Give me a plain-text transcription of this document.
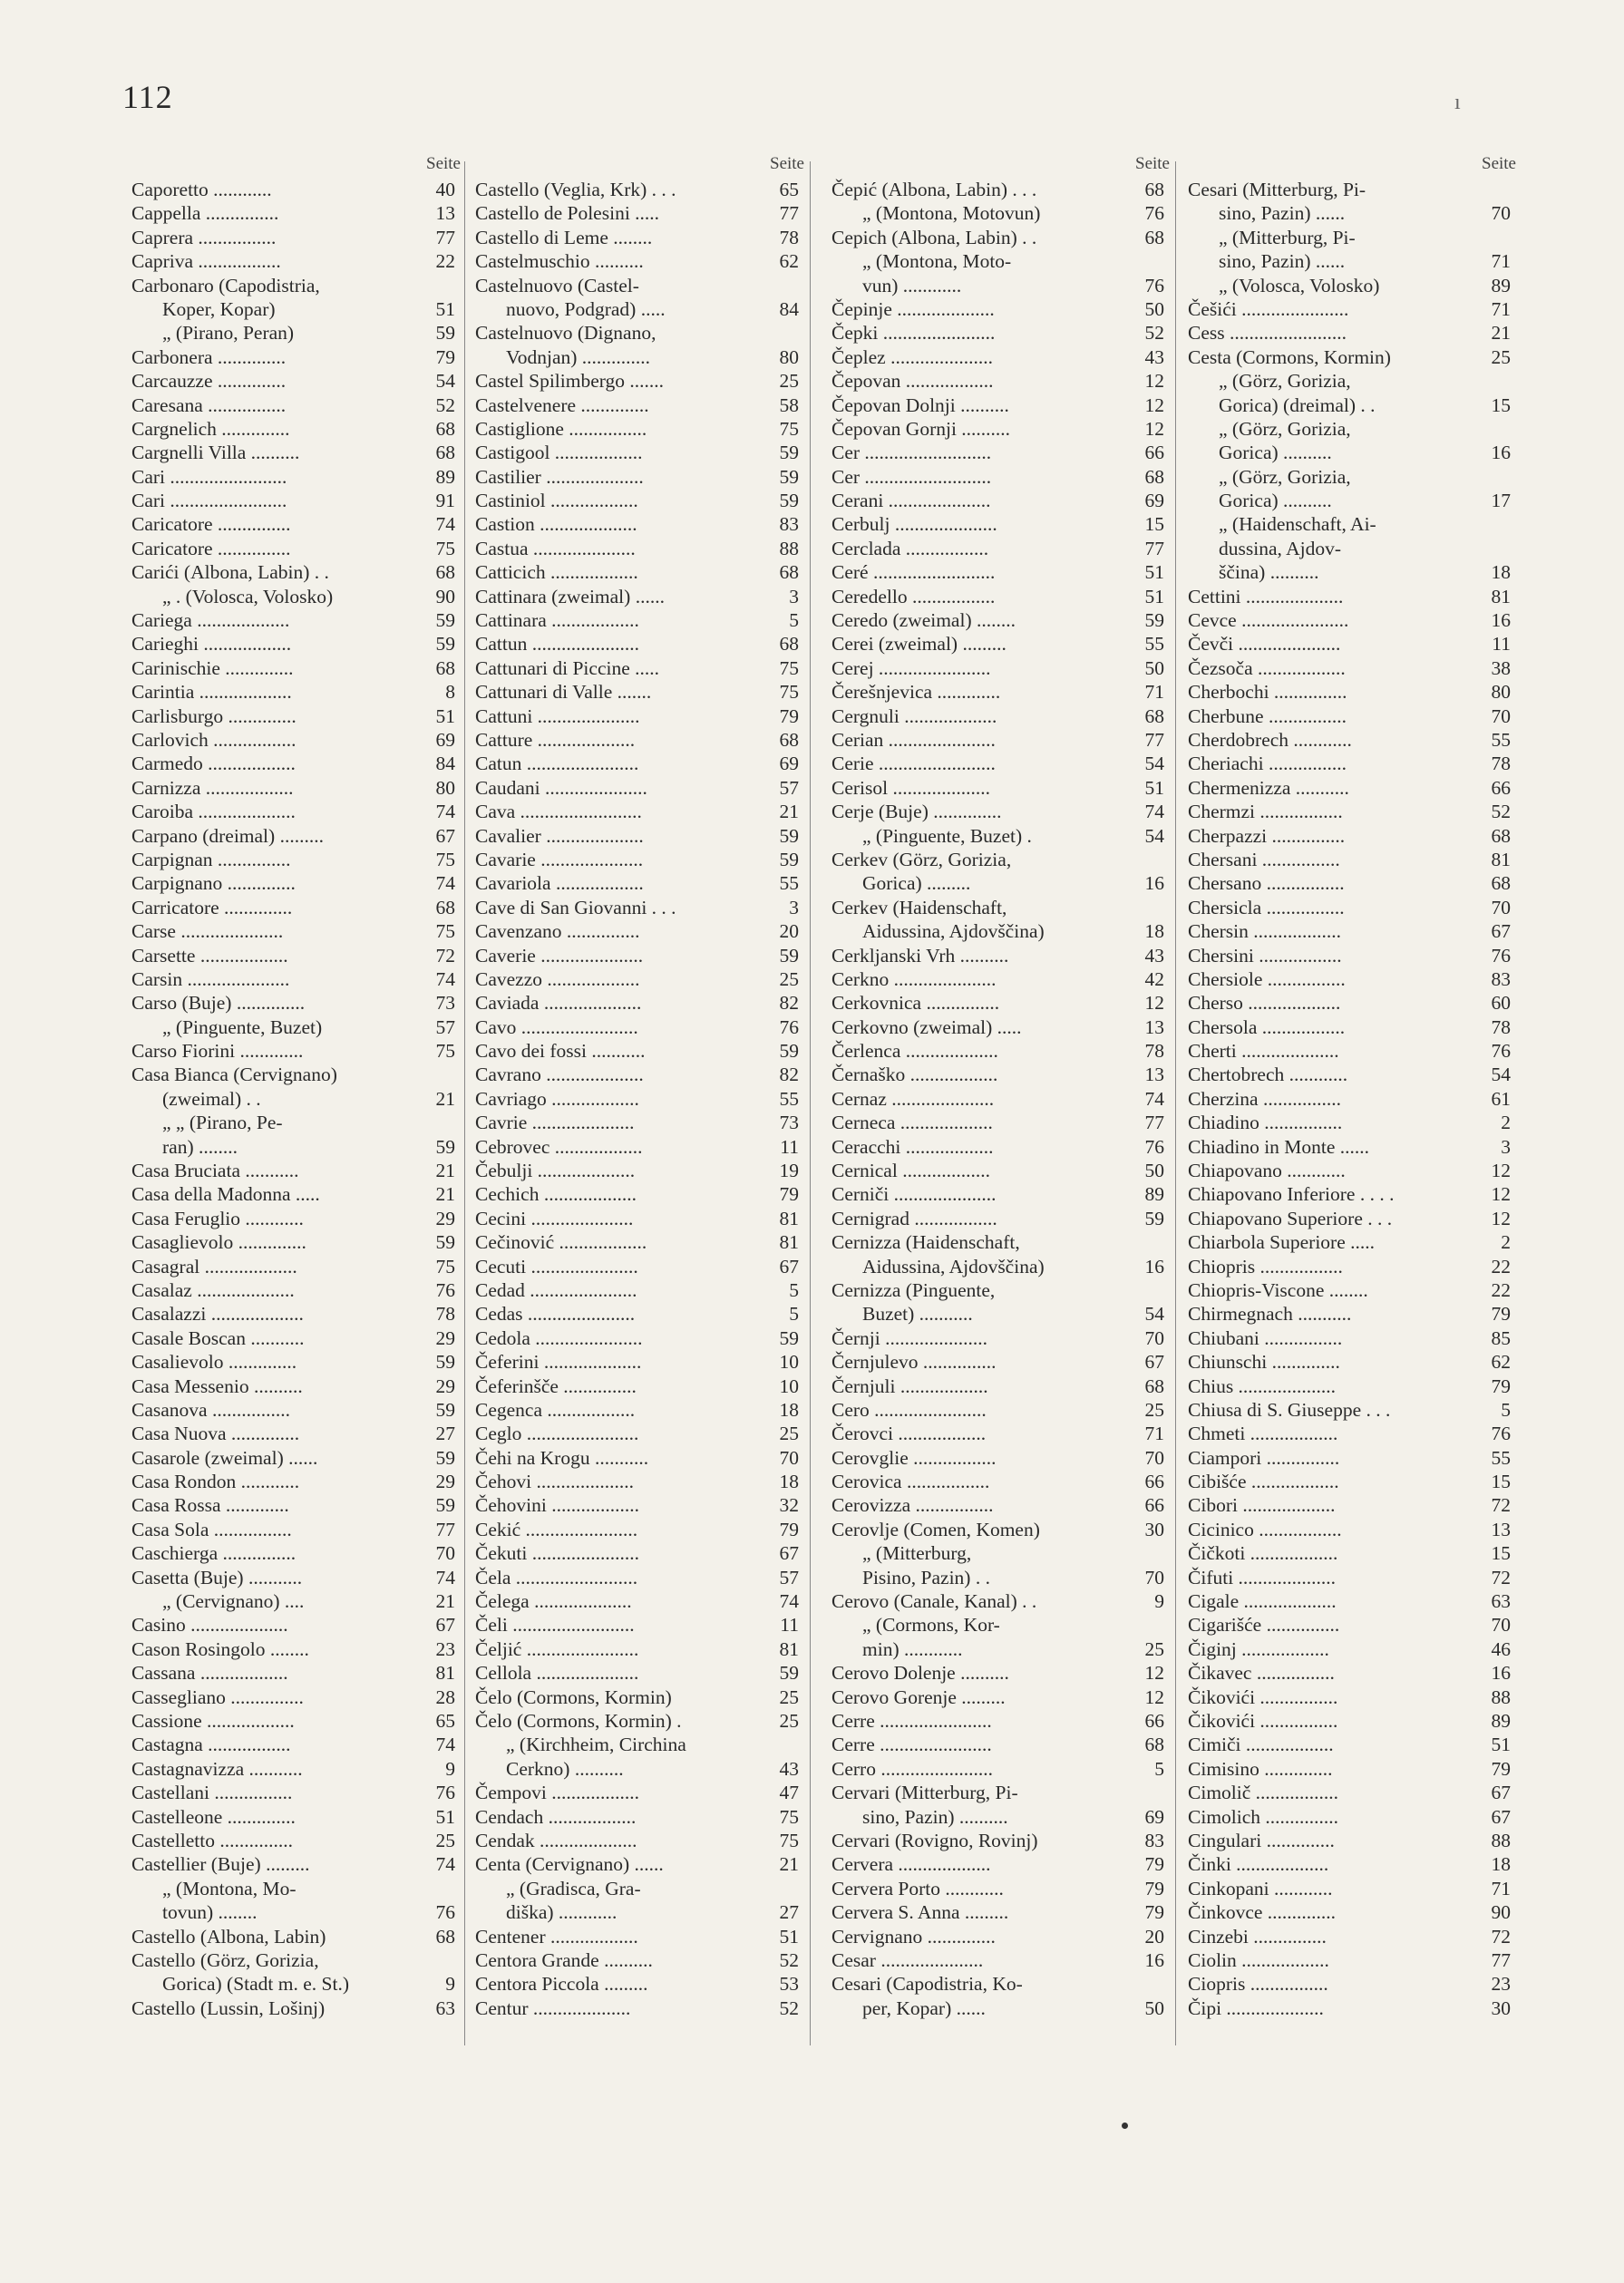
112	ı
Seite
Caporetto ............	40
Cappella ...............	13
Caprera ................	77
Capriva .................	22
Carbonaro (Capodistria,
Koper, Kopar)	51
„ (Pirano, Peran)	59
Carbonera ..............	79
Carcauzze ..............	54
Caresana ................	52
Cargnelich ..............	68
Cargnelli Villa ..........	68
Cari ........................	89
Cari ........................	91
Caricatore ...............	74
Caricatore ...............	75
Carići (Albona, Labin) . .	68
„ . (Volosca, Volosko)	90
Cariega ...................	59
Carieghi ..................	59
Carinischie ..............	68
Carintia ...................	8
Carlisburgo ..............	51
Carlovich .................	69
Carmedo ..................	84
Carnizza ..................	80
Caroiba ....................	74
Carpano (dreimal) .........	67
Carpignan ...............	75
Carpignano ..............	74
Carricatore ..............	68
Carse .....................	75
Carsette ..................	72
Carsin .....................	74
Carso (Buje) ..............	73
„ (Pinguente, Buzet)	57
Carso Fiorini .............	75
Casa Bianca (Cervignano)
(zweimal) . .	21
„ „ (Pirano, Pe-
ran) ........	59
Casa Bruciata ...........	21
Casa della Madonna .....	21
Casa Feruglio ............	29
Casaglievolo ..............	59
Casagral ...................	75
Casalaz ....................	76
Casalazzi ...................	78
Casale Boscan ...........	29
Casalievolo ..............	59
Casa Messenio ..........	29
Casanova ................	59
Casa Nuova ..............	27
Casarole (zweimal) ......	59
Casa Rondon ............	29
Casa Rossa .............	59
Casa Sola ................	77
Caschierga ...............	70
Casetta (Buje) ...........	74
„ (Cervignano) ....	21
Casino ....................	67
Cason Rosingolo ........	23
Cassana ..................	81
Cassegliano ...............	28
Cassione ..................	65
Castagna .................	74
Castagnavizza ...........	9
Castellani ................	76
Castelleone ..............	51
Castelletto ...............	25
Castellier (Buje) .........	74
„ (Montona, Mo-
tovun) ........	76
Castello (Albona, Labin)	68
Castello (Görz, Gorizia,
Gorica) (Stadt m. e. St.)	9
Castello (Lussin, Lošinj)	63
Seite
Castello (Veglia, Krk) . . .	65
Castello de Polesini .....	77
Castello di Leme ........	78
Castelmuschio ..........	62
Castelnuovo (Castel-
nuovo, Podgrad) .....	84
Castelnuovo (Dignano,
Vodnjan) ..............	80
Castel Spilimbergo .......	25
Castelvenere ..............	58
Castiglione ................	75
Castigool ..................	59
Castilier ....................	59
Castiniol ..................	59
Castion ....................	83
Castua .....................	88
Catticich ..................	68
Cattinara (zweimal) ......	3
Cattinara ..................	5
Cattun ......................	68
Cattunari di Piccine .....	75
Cattunari di Valle .......	75
Cattuni .....................	79
Catture ....................	68
Catun .......................	69
Caudani .....................	57
Cava .........................	21
Cavalier ....................	59
Cavarie .....................	59
Cavariola ..................	55
Cave di San Giovanni . . .	3
Cavenzano ...............	20
Caverie .....................	59
Cavezzo ...................	25
Caviada ....................	82
Cavo ........................	76
Cavo dei fossi ...........	59
Cavrano ....................	82
Cavriago ..................	55
Cavrie .....................	73
Cebrovec ..................	11
Čebulji ....................	19
Cechich ...................	79
Cecini .....................	81
Cečinović ..................	81
Cecuti ......................	67
Cedad ......................	5
Cedas ......................	5
Cedola ......................	59
Čeferini ....................	10
Čeferinšče ...............	10
Cegenca ..................	18
Ceglo .......................	25
Čehi na Krogu ...........	70
Čehovi ....................	18
Čehovini ..................	32
Cekić .......................	79
Čekuti ......................	67
Čela .........................	57
Čelega ....................	74
Čeli .........................	11
Čeljić .......................	81
Cellola .....................	59
Čelo (Cormons, Kormin)	25
Čelo (Cormons, Kormin) .	25
„ (Kirchheim, Circhina
Cerkno) ..........	43
Čempovi ..................	47
Cendach ..................	75
Cendak ....................	75
Centa (Cervignano) ......	21
„ (Gradisca, Gra-
diška) ............	27
Centener ..................	51
Centora Grande ..........	52
Centora Piccola .........	53
Centur ....................	52
Seite
Čepić (Albona, Labin) . . .	68
„ (Montona, Motovun)	76
Cepich (Albona, Labin) . .	68
„ (Montona, Moto-
vun) ............	76
Čepinje ....................	50
Čepki .......................	52
Čeplez .....................	43
Čepovan ..................	12
Čepovan Dolnji ..........	12
Čepovan Gornji ..........	12
Cer ..........................	66
Cer ..........................	68
Cerani .....................	69
Cerbulj .....................	15
Cerclada .................	77
Ceré .........................	51
Ceredello .................	51
Ceredo (zweimal) ........	59
Cerei (zweimal) .........	55
Cerej .......................	50
Čerešnjevica .............	71
Cergnuli ...................	68
Cerian ......................	77
Cerie ........................	54
Cerisol ....................	51
Cerje (Buje) ..............	74
„ (Pinguente, Buzet) .	54
Cerkev (Görz, Gorizia,
Gorica) .........	16
Cerkev (Haidenschaft,
Aidussina, Ajdovščina)	18
Cerkljanski Vrh ..........	43
Cerkno .....................	42
Cerkovnica ...............	12
Cerkovno (zweimal) .....	13
Čerlenca ...................	78
Černaško ..................	13
Cernaz .....................	74
Cerneca ...................	77
Ceracchi ..................	76
Cernical ..................	50
Cerniči .....................	89
Cernigrad .................	59
Cernizza (Haidenschaft,
Aidussina, Ajdovščina)	16
Cernizza (Pinguente,
Buzet) ...........	54
Černji .....................	70
Černjulevo ...............	67
Černjuli ..................	68
Cero .......................	25
Čerovci ..................	71
Cerovglie .................	70
Cerovica .................	66
Cerovizza ................	66
Cerovlje (Comen, Komen)	30
„ (Mitterburg,
Pisino, Pazin) . .	70
Cerovo (Canale, Kanal) . .	9
„ (Cormons, Kor-
min) ............	25
Cerovo Dolenje ..........	12
Cerovo Gorenje .........	12
Cerre .......................	66
Cerre .......................	68
Cerro .......................	5
Cervari (Mitterburg, Pi-
sino, Pazin) ..........	69
Cervari (Rovigno, Rovinj)	83
Cervera ...................	79
Cervera Porto ............	79
Cervera S. Anna .........	79
Cervignano ..............	20
Cesar .....................	16
Cesari (Capodistria, Ko-
per, Kopar) ......	50
Seite
Cesari (Mitterburg, Pi-
sino, Pazin) ......	70
„ (Mitterburg, Pi-
sino, Pazin) ......	71
„ (Volosca, Volosko)	89
Češići ......................	71
Cess ........................	21
Cesta (Cormons, Kormin)	25
„ (Görz, Gorizia,
Gorica) (dreimal) . .	15
„ (Görz, Gorizia,
Gorica) ..........	16
„ (Görz, Gorizia,
Gorica) ..........	17
„ (Haidenschaft, Ai-
dussina, Ajdov-
ščina) ..........	18
Cettini ....................	81
Cevce ......................	16
Čevči .....................	11
Čezsoča ..................	38
Cherbochi ...............	80
Cherbune ................	70
Cherdobrech ............	55
Cheriachi ................	78
Chermenizza ...........	66
Chermzi .................	52
Cherpazzi ...............	68
Chersani ................	81
Chersano ................	68
Chersicla ................	70
Chersin ..................	67
Chersini .................	76
Chersiole ................	83
Cherso ...................	60
Chersola .................	78
Cherti ....................	76
Chertobrech ............	54
Cherzina ................	61
Chiadino ................	2
Chiadino in Monte ......	3
Chiapovano ............	12
Chiapovano Inferiore . . . .	12
Chiapovano Superiore . . .	12
Chiarbola Superiore .....	2
Chiopris .................	22
Chiopris-Viscone ........	22
Chirmegnach ...........	79
Chiubani ................	85
Chiunschi ..............	62
Chius ....................	79
Chiusa di S. Giuseppe . . .	5
Chmeti ..................	76
Ciampori ...............	55
Cibišće ..................	15
Cibori ...................	72
Cicinico .................	13
Čičkoti ..................	15
Čifuti ....................	72
Cigale ...................	63
Cigarišće ...............	70
Čiginj ..................	46
Čikavec ................	16
Čikovići ................	88
Čikovići ................	89
Cimiči ..................	51
Cimisino ..............	79
Cimolič .................	67
Cimolich ...............	67
Cingulari ..............	88
Činki ...................	18
Cinkopani ............	71
Činkovce ..............	90
Cinzebi ...............	72
Ciolin ..................	77
Ciopris ................	23
Čipi ....................	30
